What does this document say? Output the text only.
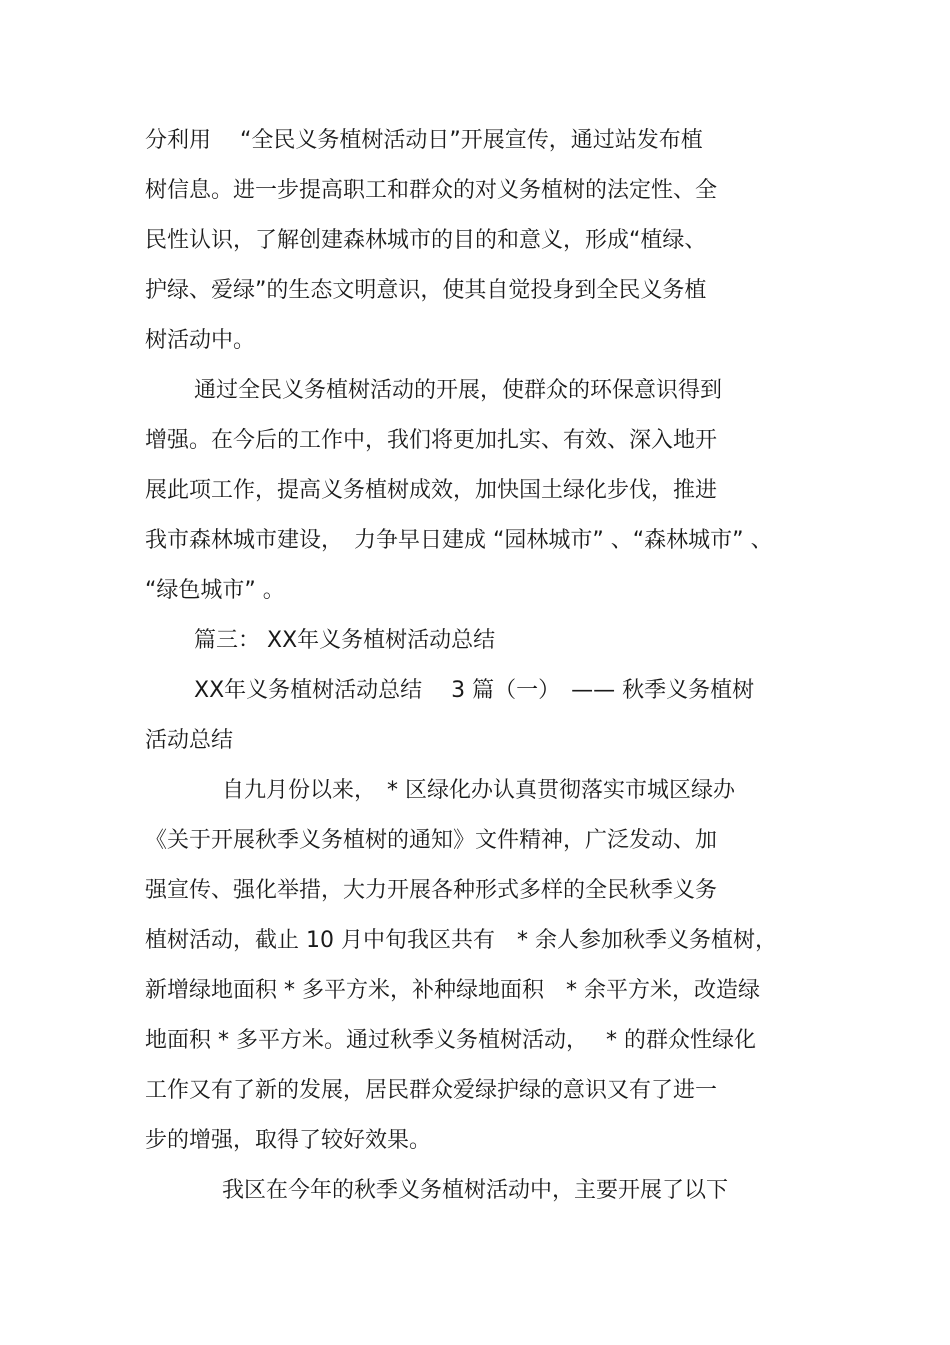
分利用　 “全民义务植树活动日”开展宣传，通过站发布植
树信息。进一步提高职工和群众的对义务植树的法定性、全
民性认识，了解创建森林城市的目的和意义，形成“植绿、
护绿、爱绿”的生态文明意识，使其自觉投身到全民义务植
树活动中。
通过全民义务植树活动的开展，使群众的环保意识得到
增强。在今后的工作中，我们将更加扎实、有效、深入地开
展此项工作，提高义务植树成效，加快国土绿化步伐，推进
我市森林城市建设，　力争早日建成 “园林城市” 、“森林城市” 、
“绿色城市” 。
篇三： XX年义务植树活动总结
XX年义务植树活动总结　 3 篇（一）　—— 秋季义务植树
活动总结
自九月份以来，　* 区绿化办认真贯彻落实市城区绿办
《关于开展秋季义务植树的通知》文件精神，广泛发动、加
强宣传、强化举措，大力开展各种形式多样的全民秋季义务
植树活动，截止 10 月中旬我区共有　* 余人参加秋季义务植树，
新增绿地面积 * 多平方米，补种绿地面积　* 余平方米，改造绿
地面积 * 多平方米。通过秋季义务植树活动，　 * 的群众性绿化
工作又有了新的发展，居民群众爱绿护绿的意识又有了进一
步的增强，取得了较好效果。
我区在今年的秋季义务植树活动中，主要开展了以下
